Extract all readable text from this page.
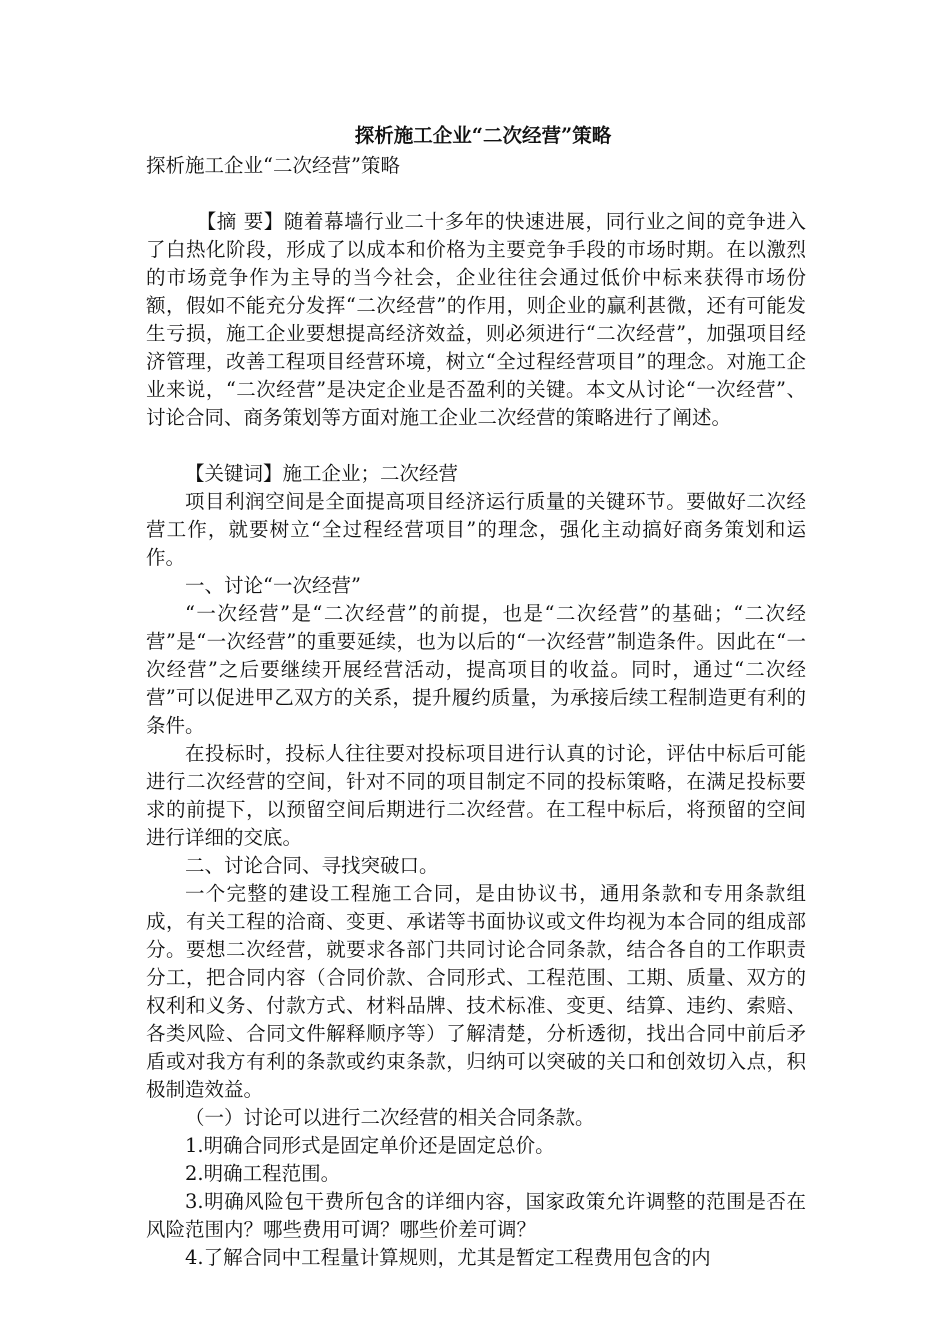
探析施工企业“二次经营”策略

探析施工企业“二次经营”策略

【摘 要】随着幕墙行业二十多年的快速进展，同行业之间的竞争进入了白热化阶段，形成了以成本和价格为主要竞争手段的市场时期。在以激烈的市场竞争作为主导的当今社会，企业往往会通过低价中标来获得市场份额，假如不能充分发挥“二次经营”的作用，则企业的赢利甚微，还有可能发生亏损，施工企业要想提高经济效益，则必须进行“二次经营”，加强项目经济管理，改善工程项目经营环境，树立“全过程经营项目”的理念。对施工企业来说，“二次经营”是决定企业是否盈利的关键。本文从讨论“一次经营”、讨论合同、商务策划等方面对施工企业二次经营的策略进行了阐述。

【关键词】施工企业；二次经营

项目利润空间是全面提高项目经济运行质量的关键环节。要做好二次经营工作，就要树立“全过程经营项目”的理念，强化主动搞好商务策划和运作。

一、讨论“一次经营”

“一次经营”是“二次经营”的前提，也是“二次经营”的基础；“二次经营”是“一次经营”的重要延续，也为以后的“一次经营”制造条件。因此在“一次经营”之后要继续开展经营活动，提高项目的收益。同时，通过“二次经营”可以促进甲乙双方的关系，提升履约质量，为承接后续工程制造更有利的条件。

在投标时，投标人往往要对投标项目进行认真的讨论，评估中标后可能进行二次经营的空间，针对不同的项目制定不同的投标策略，在满足投标要求的前提下，以预留空间后期进行二次经营。在工程中标后，将预留的空间进行详细的交底。

二、讨论合同、寻找突破口。

一个完整的建设工程施工合同，是由协议书，通用条款和专用条款组成，有关工程的洽商、变更、承诺等书面协议或文件均视为本合同的组成部分。要想二次经营，就要求各部门共同讨论合同条款，结合各自的工作职责分工，把合同内容（合同价款、合同形式、工程范围、工期、质量、双方的权利和义务、付款方式、材料品牌、技术标准、变更、结算、违约、索赔、各类风险、合同文件解释顺序等）了解清楚，分析透彻，找出合同中前后矛盾或对我方有利的条款或约束条款，归纳可以突破的关口和创效切入点，积极制造效益。

（一）讨论可以进行二次经营的相关合同条款。

1.明确合同形式是固定单价还是固定总价。

2.明确工程范围。

3.明确风险包干费所包含的详细内容，国家政策允许调整的范围是否在风险范围内？哪些费用可调？哪些价差可调？

4.了解合同中工程量计算规则，尤其是暂定工程费用包含的内
